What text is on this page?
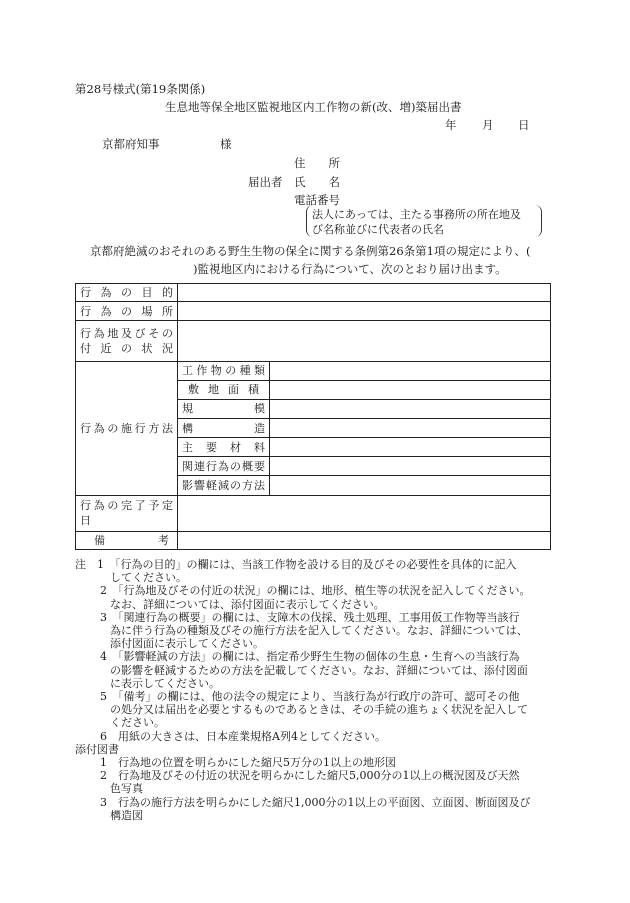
第28号様式(第19条関係)
生息地等保全地区監視地区内工作物の新(改、増)築届出書
年 月 日
京都府知事	様
住　　所
届出者 氏　　名
電話番号
法人にあっては、主たる事務所の所在地及
び名称並びに代表者の氏名
京都府絶滅のおそれのある野生生物の保全に関する条例第26条第1項の規定により、(
)監視地区内における行為について、次のとおり届け出ます。
行為の目的		
行為の場所		

行為地及びその
付近の状況		

行為の施行方法	工作物の種類	
	敷地面積	
	規模	
	構造	
	主要材料	
	関連行為の概要	
	影響軽減の方法	

行為の完了予定
日		

備考		
注　1　「行為の目的」の欄には、当該工作物を設ける目的及びその必要性を具体的に記入
してください。
2　「行為地及びその付近の状況」の欄には、地形、植生等の状況を記入してください。
なお、詳細については、添付図面に表示してください。
3　「関連行為の概要」の欄には、支障木の伐採、残土処理、工事用仮工作物等当該行
為に伴う行為の種類及びその施行方法を記入してください。なお、詳細については、
添付図面に表示してください。
4　「影響軽減の方法」の欄には、指定希少野生生物の個体の生息・生育への当該行為
の影響を軽減するための方法を記載してください。なお、詳細については、添付図面
に表示してください。
5　「備考」の欄には、他の法令の規定により、当該行為が行政庁の許可、認可その他
の処分又は届出を必要とするものであるときは、その手続の進ちょく状況を記入して
ください。
6　用紙の大きさは、日本産業規格A列4としてください。
添付図書
1　行為地の位置を明らかにした縮尺5万分の1以上の地形図
2　行為地及びその付近の状況を明らかにした縮尺5,000分の1以上の概況図及び天然
色写真
3　行為の施行方法を明らかにした縮尺1,000分の1以上の平面図、立面図、断面図及び
構造図
